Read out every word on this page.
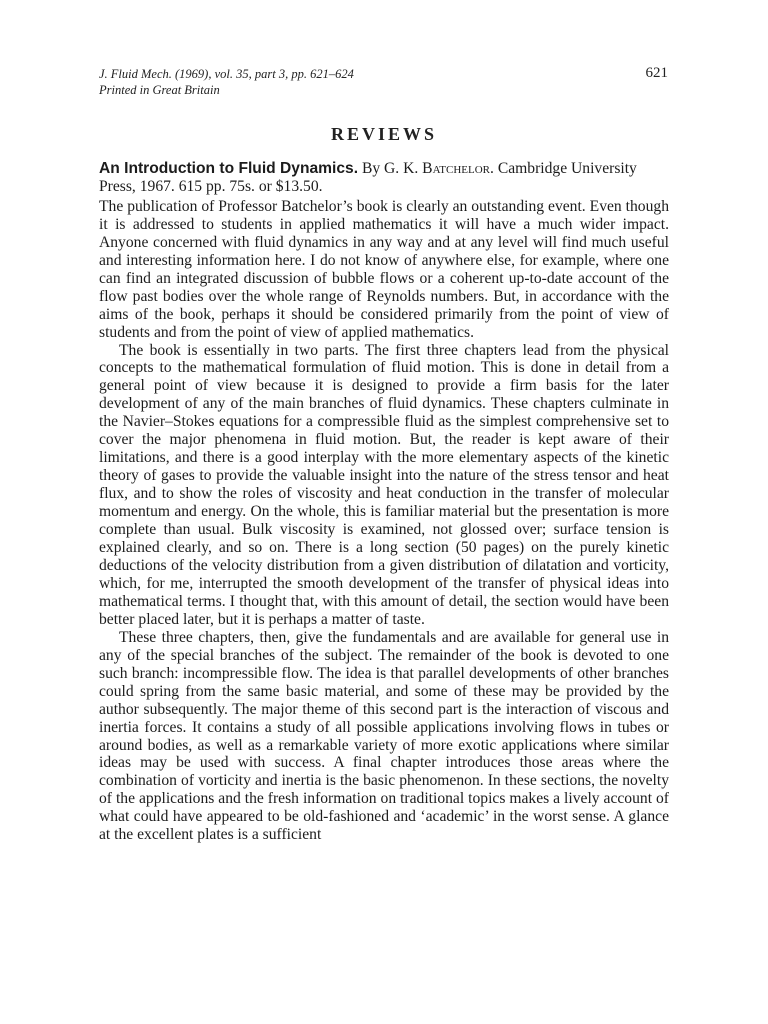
J. Fluid Mech. (1969), vol. 35, part 3, pp. 621–624
Printed in Great Britain
621
REVIEWS

An Introduction to Fluid Dynamics. By G. K. Batchelor. Cambridge University Press, 1967. 615 pp. 75s. or $13.50.

The publication of Professor Batchelor’s book is clearly an outstanding event. Even though it is addressed to students in applied mathematics it will have a much wider impact. Anyone concerned with fluid dynamics in any way and at any level will find much useful and interesting information here. I do not know of anywhere else, for example, where one can find an integrated discussion of bubble flows or a coherent up-to-date account of the flow past bodies over the whole range of Reynolds numbers. But, in accordance with the aims of the book, perhaps it should be considered primarily from the point of view of students and from the point of view of applied mathematics.

The book is essentially in two parts. The first three chapters lead from the physical concepts to the mathematical formulation of fluid motion. This is done in detail from a general point of view because it is designed to provide a firm basis for the later development of any of the main branches of fluid dynamics. These chapters culminate in the Navier–Stokes equations for a compressible fluid as the simplest comprehensive set to cover the major phenomena in fluid motion. But, the reader is kept aware of their limitations, and there is a good interplay with the more elementary aspects of the kinetic theory of gases to provide the valuable insight into the nature of the stress tensor and heat flux, and to show the roles of viscosity and heat conduction in the transfer of molecular momentum and energy. On the whole, this is familiar material but the presentation is more complete than usual. Bulk viscosity is examined, not glossed over; surface tension is explained clearly, and so on. There is a long section (50 pages) on the purely kinetic deductions of the velocity distribution from a given distribution of dilatation and vorticity, which, for me, interrupted the smooth development of the transfer of physical ideas into mathematical terms. I thought that, with this amount of detail, the section would have been better placed later, but it is perhaps a matter of taste.

These three chapters, then, give the fundamentals and are available for general use in any of the special branches of the subject. The remainder of the book is devoted to one such branch: incompressible flow. The idea is that parallel developments of other branches could spring from the same basic material, and some of these may be provided by the author subsequently. The major theme of this second part is the interaction of viscous and inertia forces. It contains a study of all possible applications involving flows in tubes or around bodies, as well as a remarkable variety of more exotic applications where similar ideas may be used with success. A final chapter introduces those areas where the combination of vorticity and inertia is the basic phenomenon. In these sections, the novelty of the applications and the fresh information on traditional topics makes a lively account of what could have appeared to be old-fashioned and ‘academic’ in the worst sense. A glance at the excellent plates is a sufficient
